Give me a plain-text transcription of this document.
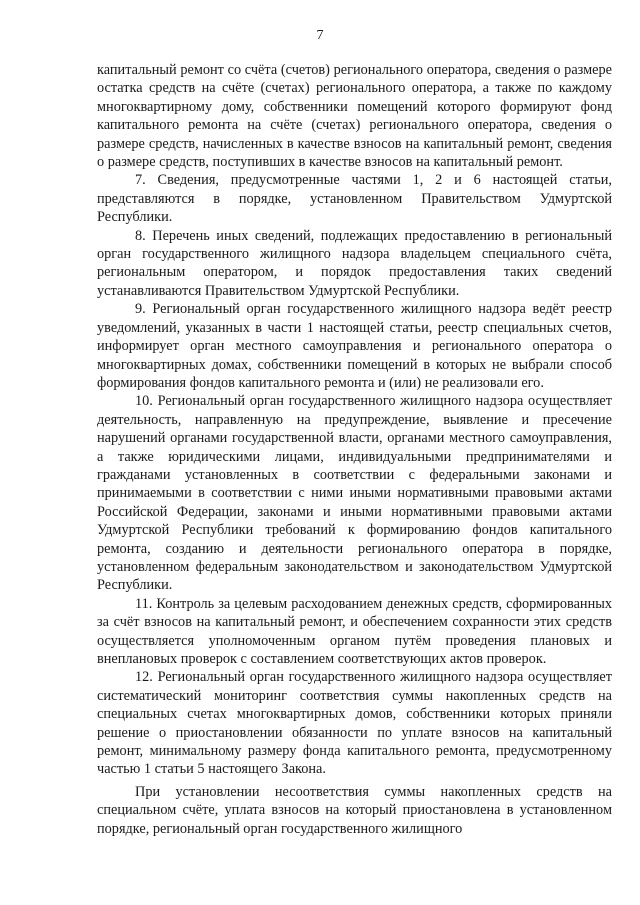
7

капитальный ремонт со счёта (счетов) регионального оператора, сведения о размере остатка средств на счёте (счетах) регионального оператора, а также по каждому многоквартирному дому, собственники помещений которого формируют фонд капитального ремонта на счёте (счетах) регионального оператора, сведения о размере средств, начисленных в качестве взносов на капитальный ремонт, сведения о размере средств, поступивших в качестве взносов на капитальный ремонт.

7. Сведения, предусмотренные частями 1, 2 и 6 настоящей статьи, представляются в порядке, установленном Правительством Удмуртской Республики.

8. Перечень иных сведений, подлежащих предоставлению в региональный орган государственного жилищного надзора владельцем специального счёта, региональным оператором, и порядок предоставления таких сведений устанавливаются Правительством Удмуртской Республики.

9. Региональный орган государственного жилищного надзора ведёт реестр уведомлений, указанных в части 1 настоящей статьи, реестр специальных счетов, информирует орган местного самоуправления и регионального оператора о многоквартирных домах, собственники помещений в которых не выбрали способ формирования фондов капитального ремонта и (или) не реализовали его.

10. Региональный орган государственного жилищного надзора осуществляет деятельность, направленную на предупреждение, выявление и пресечение нарушений органами государственной власти, органами местного самоуправления, а также юридическими лицами, индивидуальными предпринимателями и гражданами установленных в соответствии с федеральными законами и принимаемыми в соответствии с ними иными нормативными правовыми актами Российской Федерации, законами и иными нормативными правовыми актами Удмуртской Республики требований к формированию фондов капитального ремонта, созданию и деятельности регионального оператора в порядке, установленном федеральным законодательством и законодательством Удмуртской Республики.

11. Контроль за целевым расходованием денежных средств, сформированных за счёт взносов на капитальный ремонт, и обеспечением сохранности этих средств осуществляется уполномоченным органом путём проведения плановых и внеплановых проверок с составлением соответствующих актов проверок.

12. Региональный орган государственного жилищного надзора осуществляет систематический мониторинг соответствия суммы накопленных средств на специальных счетах многоквартирных домов, собственники которых приняли решение о приостановлении обязанности по уплате взносов на капитальный ремонт, минимальному размеру фонда капитального ремонта, предусмотренному частью 1 статьи 5 настоящего Закона.

При установлении несоответствия суммы накопленных средств на специальном счёте, уплата взносов на который приостановлена в установленном порядке, региональный орган государственного жилищного
